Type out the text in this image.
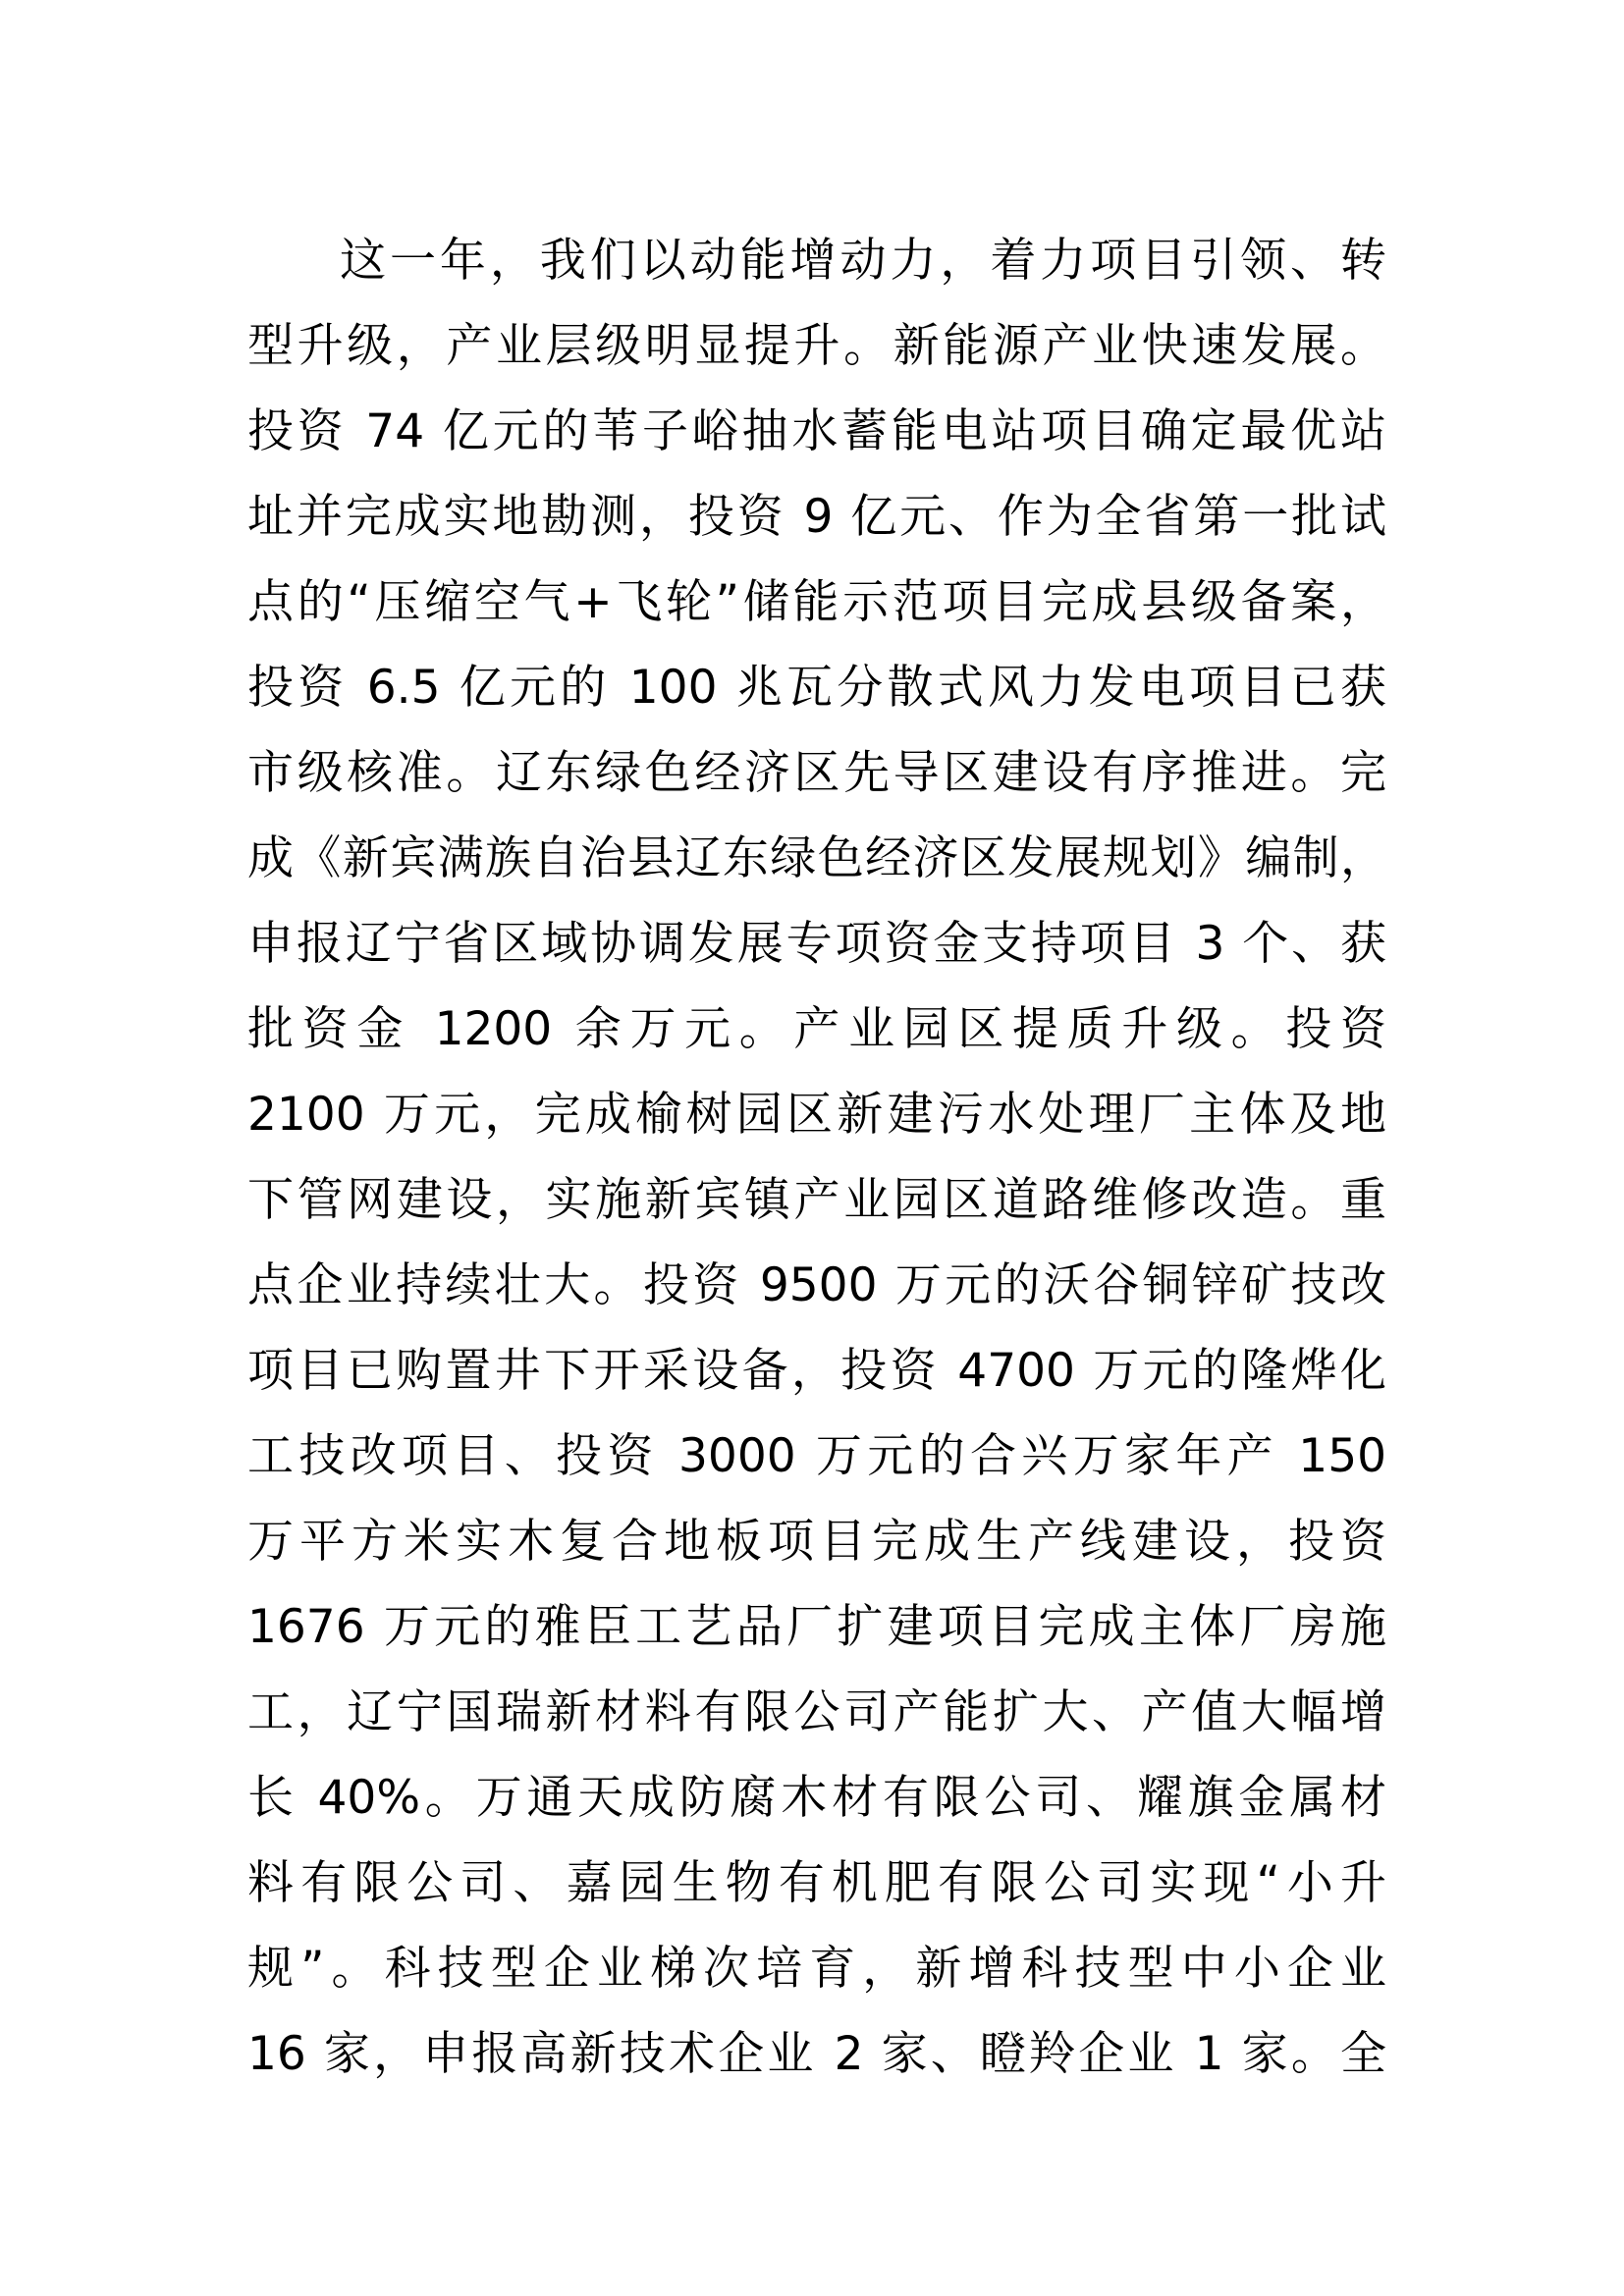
这一年，我们以动能增动力，着力项目引领、转
型升级，产业层级明显提升。新能源产业快速发展。
投资 74 亿元的苇子峪抽水蓄能电站项目确定最优站
址并完成实地勘测，投资 9 亿元、作为全省第一批试
点的“压缩空气+飞轮”储能示范项目完成县级备案，
投资 6.5 亿元的 100 兆瓦分散式风力发电项目已获
市级核准。辽东绿色经济区先导区建设有序推进。完
成《新宾满族自治县辽东绿色经济区发展规划》编制，
申报辽宁省区域协调发展专项资金支持项目 3 个、获
批资金 1200 余万元。产业园区提质升级。投资
2100 万元，完成榆树园区新建污水处理厂主体及地
下管网建设，实施新宾镇产业园区道路维修改造。重
点企业持续壮大。投资 9500 万元的沃谷铜锌矿技改
项目已购置井下开采设备，投资 4700 万元的隆烨化
工技改项目、投资 3000 万元的合兴万家年产 150
万平方米实木复合地板项目完成生产线建设，投资
1676 万元的雅臣工艺品厂扩建项目完成主体厂房施
工，辽宁国瑞新材料有限公司产能扩大、产值大幅增
长 40%。万通天成防腐木材有限公司、耀旗金属材
料有限公司、嘉园生物有机肥有限公司实现“小升
规”。科技型企业梯次培育，新增科技型中小企业
16 家，申报高新技术企业 2 家、瞪羚企业 1 家。全
